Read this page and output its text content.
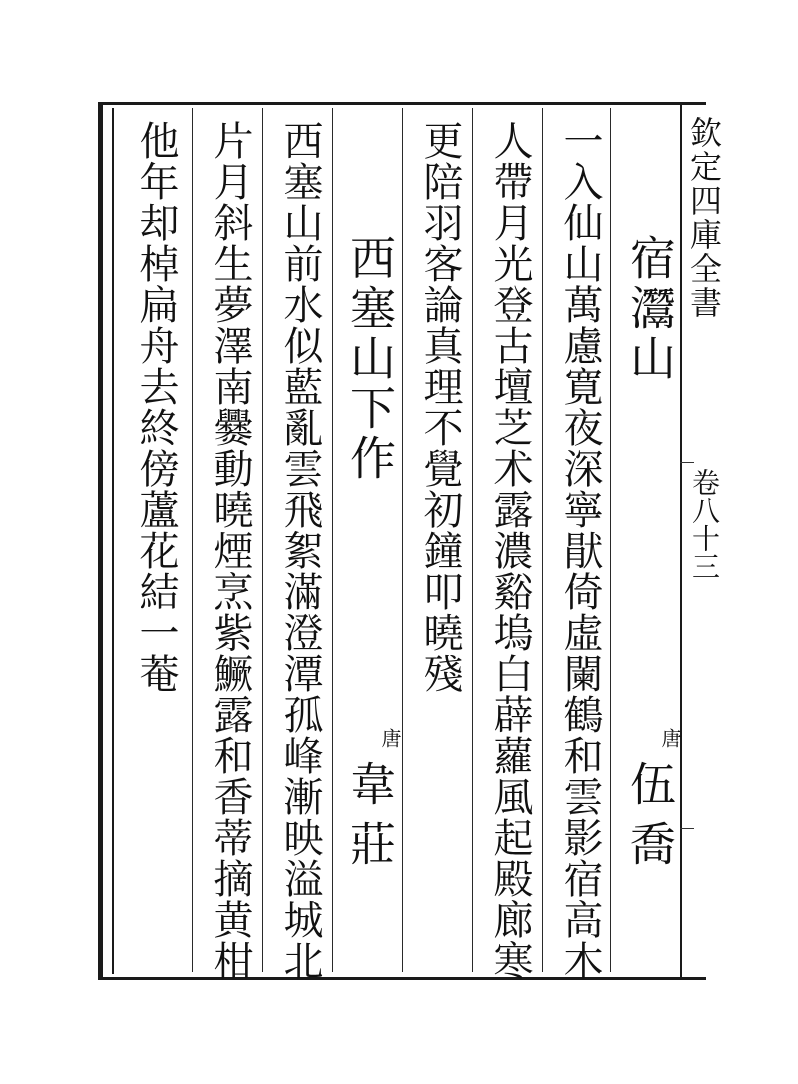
欽定四庫全書
卷八十三
宿灊山
唐
伍喬
一入仙山萬慮寛夜深寧猒倚虛闌鶴和雲影宿高木
人帶月光登古壇芝术露濃谿塢白薜蘿風起殿廊寒
更陪羽客論真理不覺初鐘叩曉殘
西塞山下作
唐
韋莊
西塞山前水似藍亂雲飛絮滿澄潭孤峰漸映溢城北
片月斜生夢澤南爨動曉煙烹紫鱖露和香蒂摘黄柑
他年却棹扁舟去終傍蘆花結一菴
